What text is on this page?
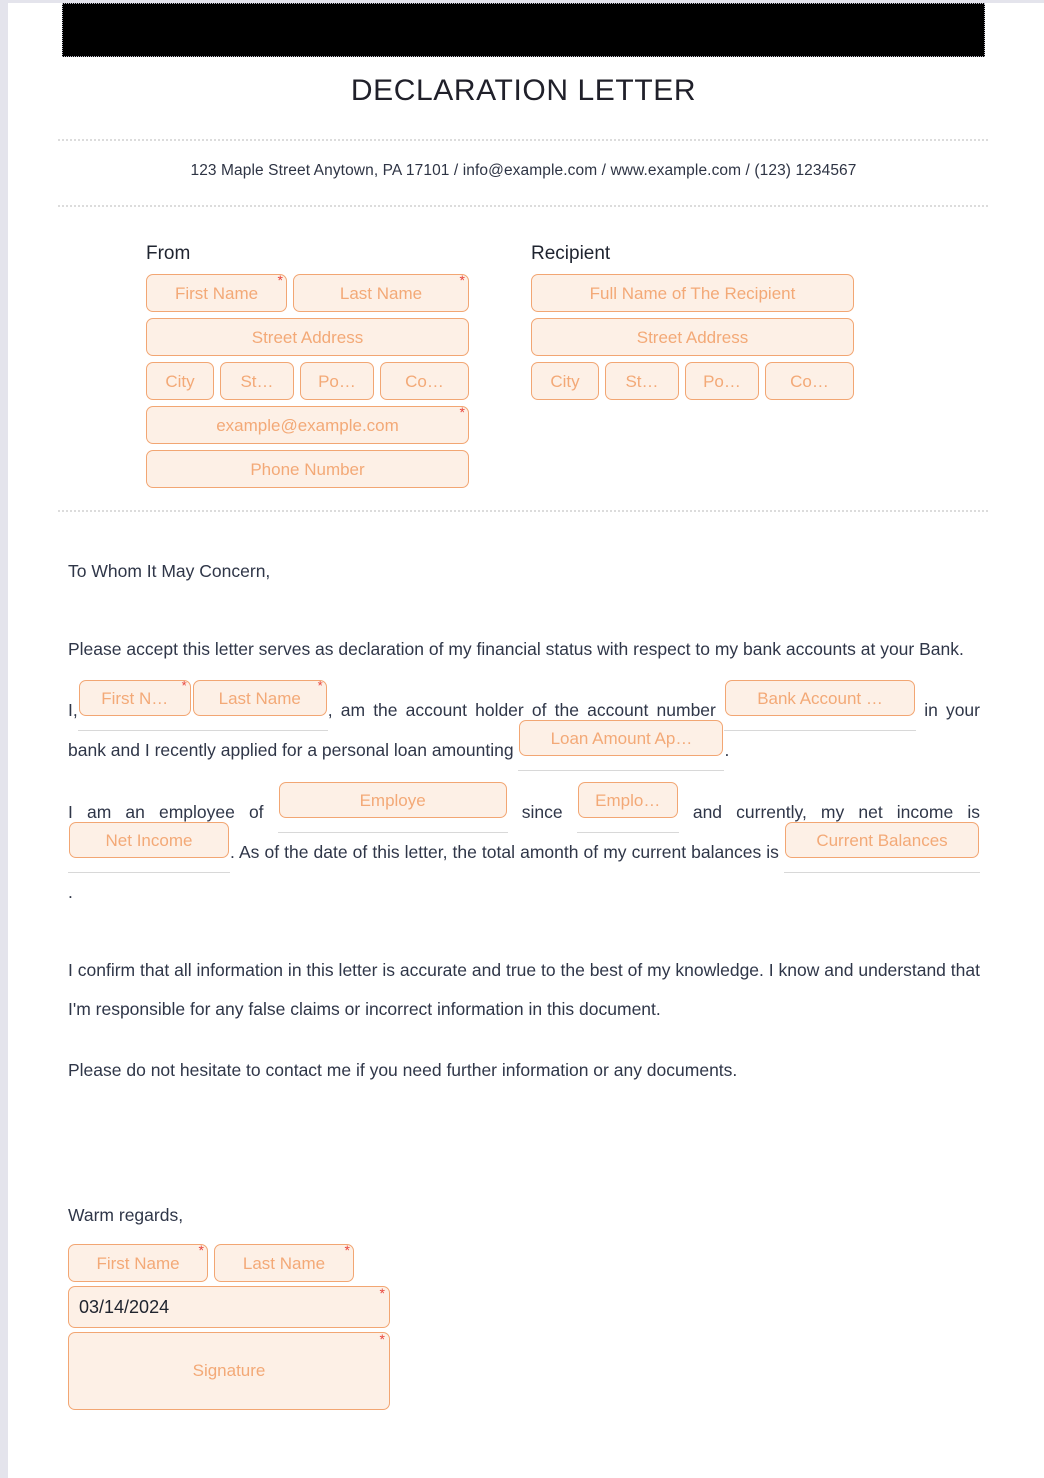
DECLARATION LETTER
123 Maple Street Anytown, PA 17101 / info@example.com / www.example.com / (123) 1234567
From
First Name *	Last Name *
Street Address
City	St…	Po…	Co…
example@example.com *
Phone Number
Recipient
Full Name of The Recipient
Street Address
City	St…	Po…	Co…

To Whom It May Concern,

Please accept this letter serves as declaration of my financial status with respect to my bank accounts at your Bank.

I,First N… *	Last Name *, am the account holder of the account number Bank Account … in your bank and I recently applied for a personal loan amounting Loan Amount Ap….

I am an employee of Employe since Emplo… and currently, my net income is Net Income. As of the date of this letter, the total amonth of my current balances is Current Balances.

I confirm that all information in this letter is accurate and true to the best of my knowledge. I know and understand that I'm responsible for any false claims or incorrect information in this document.

Please do not hesitate to contact me if you need further information or any documents.

Warm regards,
First Name *	Last Name *
03/14/2024 *
Signature
*
